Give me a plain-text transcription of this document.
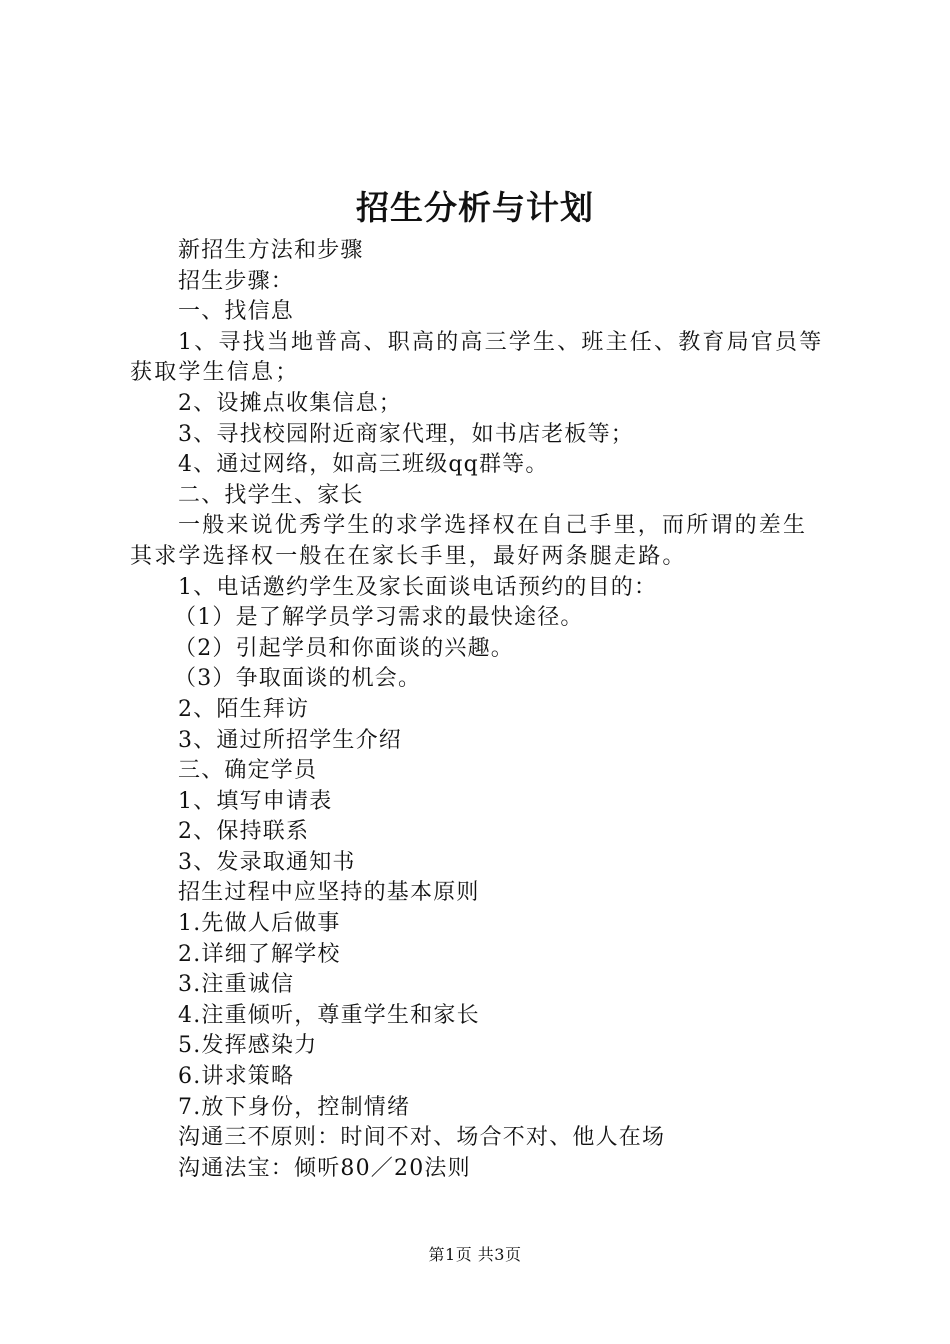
招生分析与计划
新招生方法和步骤
招生步骤：
一、找信息
1、寻找当地普高、职高的高三学生、班主任、教育局官员等获取学生信息；
2、设摊点收集信息；
3、寻找校园附近商家代理，如书店老板等；
4、通过网络，如高三班级qq群等。
二、找学生、家长
一般来说优秀学生的求学选择权在自己手里，而所谓的差生其求学选择权一般在在家长手里，最好两条腿走路。
1、电话邀约学生及家长面谈电话预约的目的：
（1）是了解学员学习需求的最快途径。
（2）引起学员和你面谈的兴趣。
（3）争取面谈的机会。
2、陌生拜访
3、通过所招学生介绍
三、确定学员
1、填写申请表
2、保持联系
3、发录取通知书
招生过程中应坚持的基本原则
1.先做人后做事
2.详细了解学校
3.注重诚信
4.注重倾听，尊重学生和家长
5.发挥感染力
6.讲求策略
7.放下身份，控制情绪
沟通三不原则：时间不对、场合不对、他人在场
沟通法宝：倾听80／20法则
第1页 共3页
